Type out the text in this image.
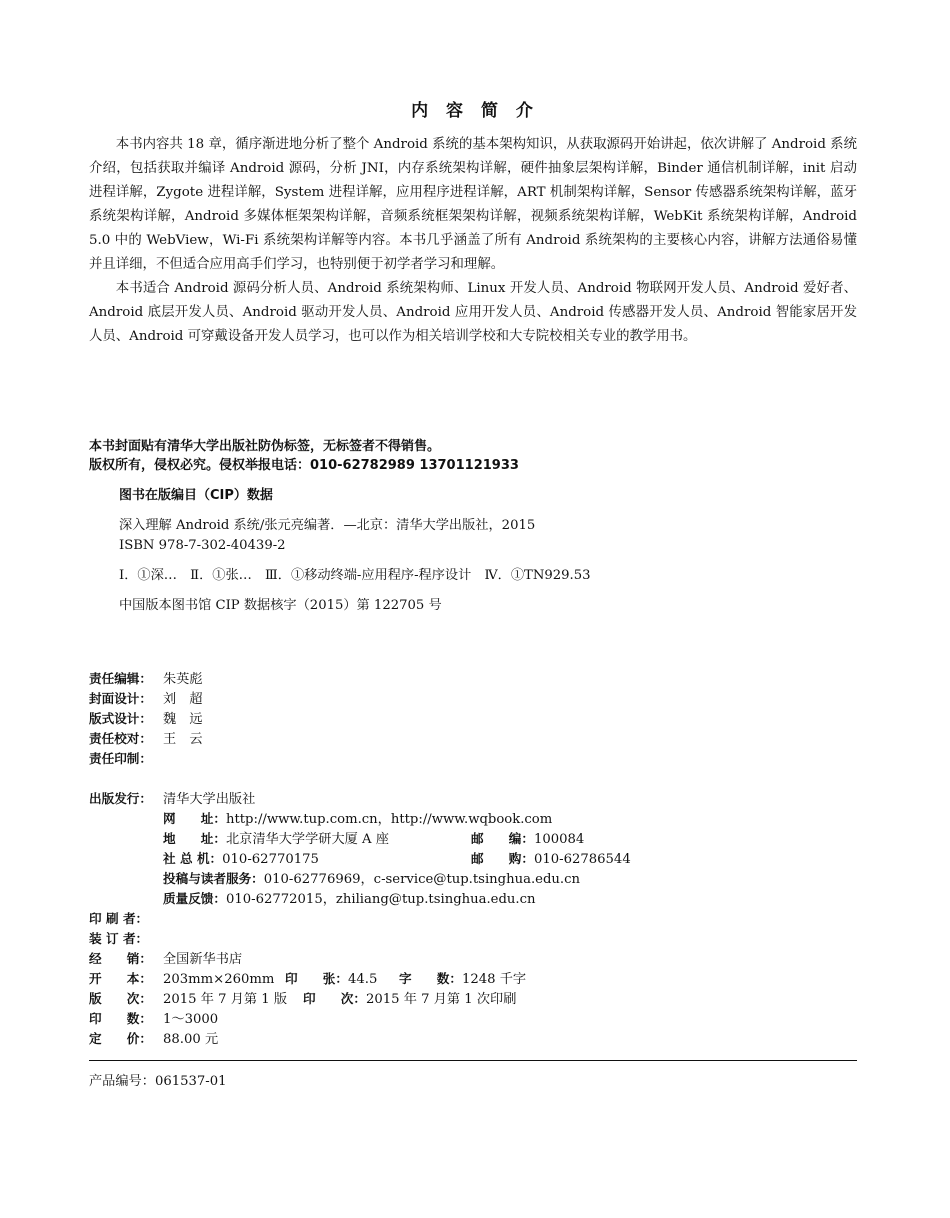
内 容 简 介

本书内容共 18 章，循序渐进地分析了整个 Android 系统的基本架构知识，从获取源码开始讲起，依次讲解了 Android 系统介绍，包括获取并编译 Android 源码，分析 JNI，内存系统架构详解，硬件抽象层架构详解，Binder 通信机制详解，init 启动进程详解，Zygote 进程详解，System 进程详解，应用程序进程详解，ART 机制架构详解，Sensor 传感器系统架构详解，蓝牙系统架构详解，Android 多媒体框架架构详解，音频系统框架架构详解，视频系统架构详解，WebKit 系统架构详解，Android 5.0 中的 WebView，Wi-Fi 系统架构详解等内容。本书几乎涵盖了所有 Android 系统架构的主要核心内容，讲解方法通俗易懂并且详细，不但适合应用高手们学习，也特别便于初学者学习和理解。

本书适合 Android 源码分析人员、Android 系统架构师、Linux 开发人员、Android 物联网开发人员、Android 爱好者、Android 底层开发人员、Android 驱动开发人员、Android 应用开发人员、Android 传感器开发人员、Android 智能家居开发人员、Android 可穿戴设备开发人员学习，也可以作为相关培训学校和大专院校相关专业的教学用书。

本书封面贴有清华大学出版社防伪标签，无标签者不得销售。
版权所有，侵权必究。侵权举报电话：010-62782989 13701121933
图书在版编目（CIP）数据
深入理解 Android 系统/张元亮编著．—北京：清华大学出版社，2015
ISBN 978-7-302-40439-2
Ⅰ．①深…　Ⅱ．①张…　Ⅲ．①移动终端-应用程序-程序设计　Ⅳ．①TN929.53
中国版本图书馆 CIP 数据核字（2015）第 122705 号
责任编辑： 朱英彪
封面设计： 刘　超
版式设计： 魏　远
责任校对： 王　云
责任印制：
出版发行： 清华大学出版社
网　　址：http://www.tup.com.cn，http://www.wqbook.com
地　　址：北京清华大学学研大厦 A 座	邮　　编：100084
社 总 机：010-62770175	邮　　购：010-62786544
投稿与读者服务：010-62776969，c-service@tup.tsinghua.edu.cn
质量反馈：010-62772015，zhiliang@tup.tsinghua.edu.cn
印 刷 者：
装 订 者：
经　　销： 全国新华书店
开　　本： 203mm×260mm 印　　张：44.5 字　　数：1248 千字
版　　次： 2015 年 7 月第 1 版 印　　次：2015 年 7 月第 1 次印刷
印　　数： 1～3000
定　　价： 88.00 元
产品编号：061537-01
